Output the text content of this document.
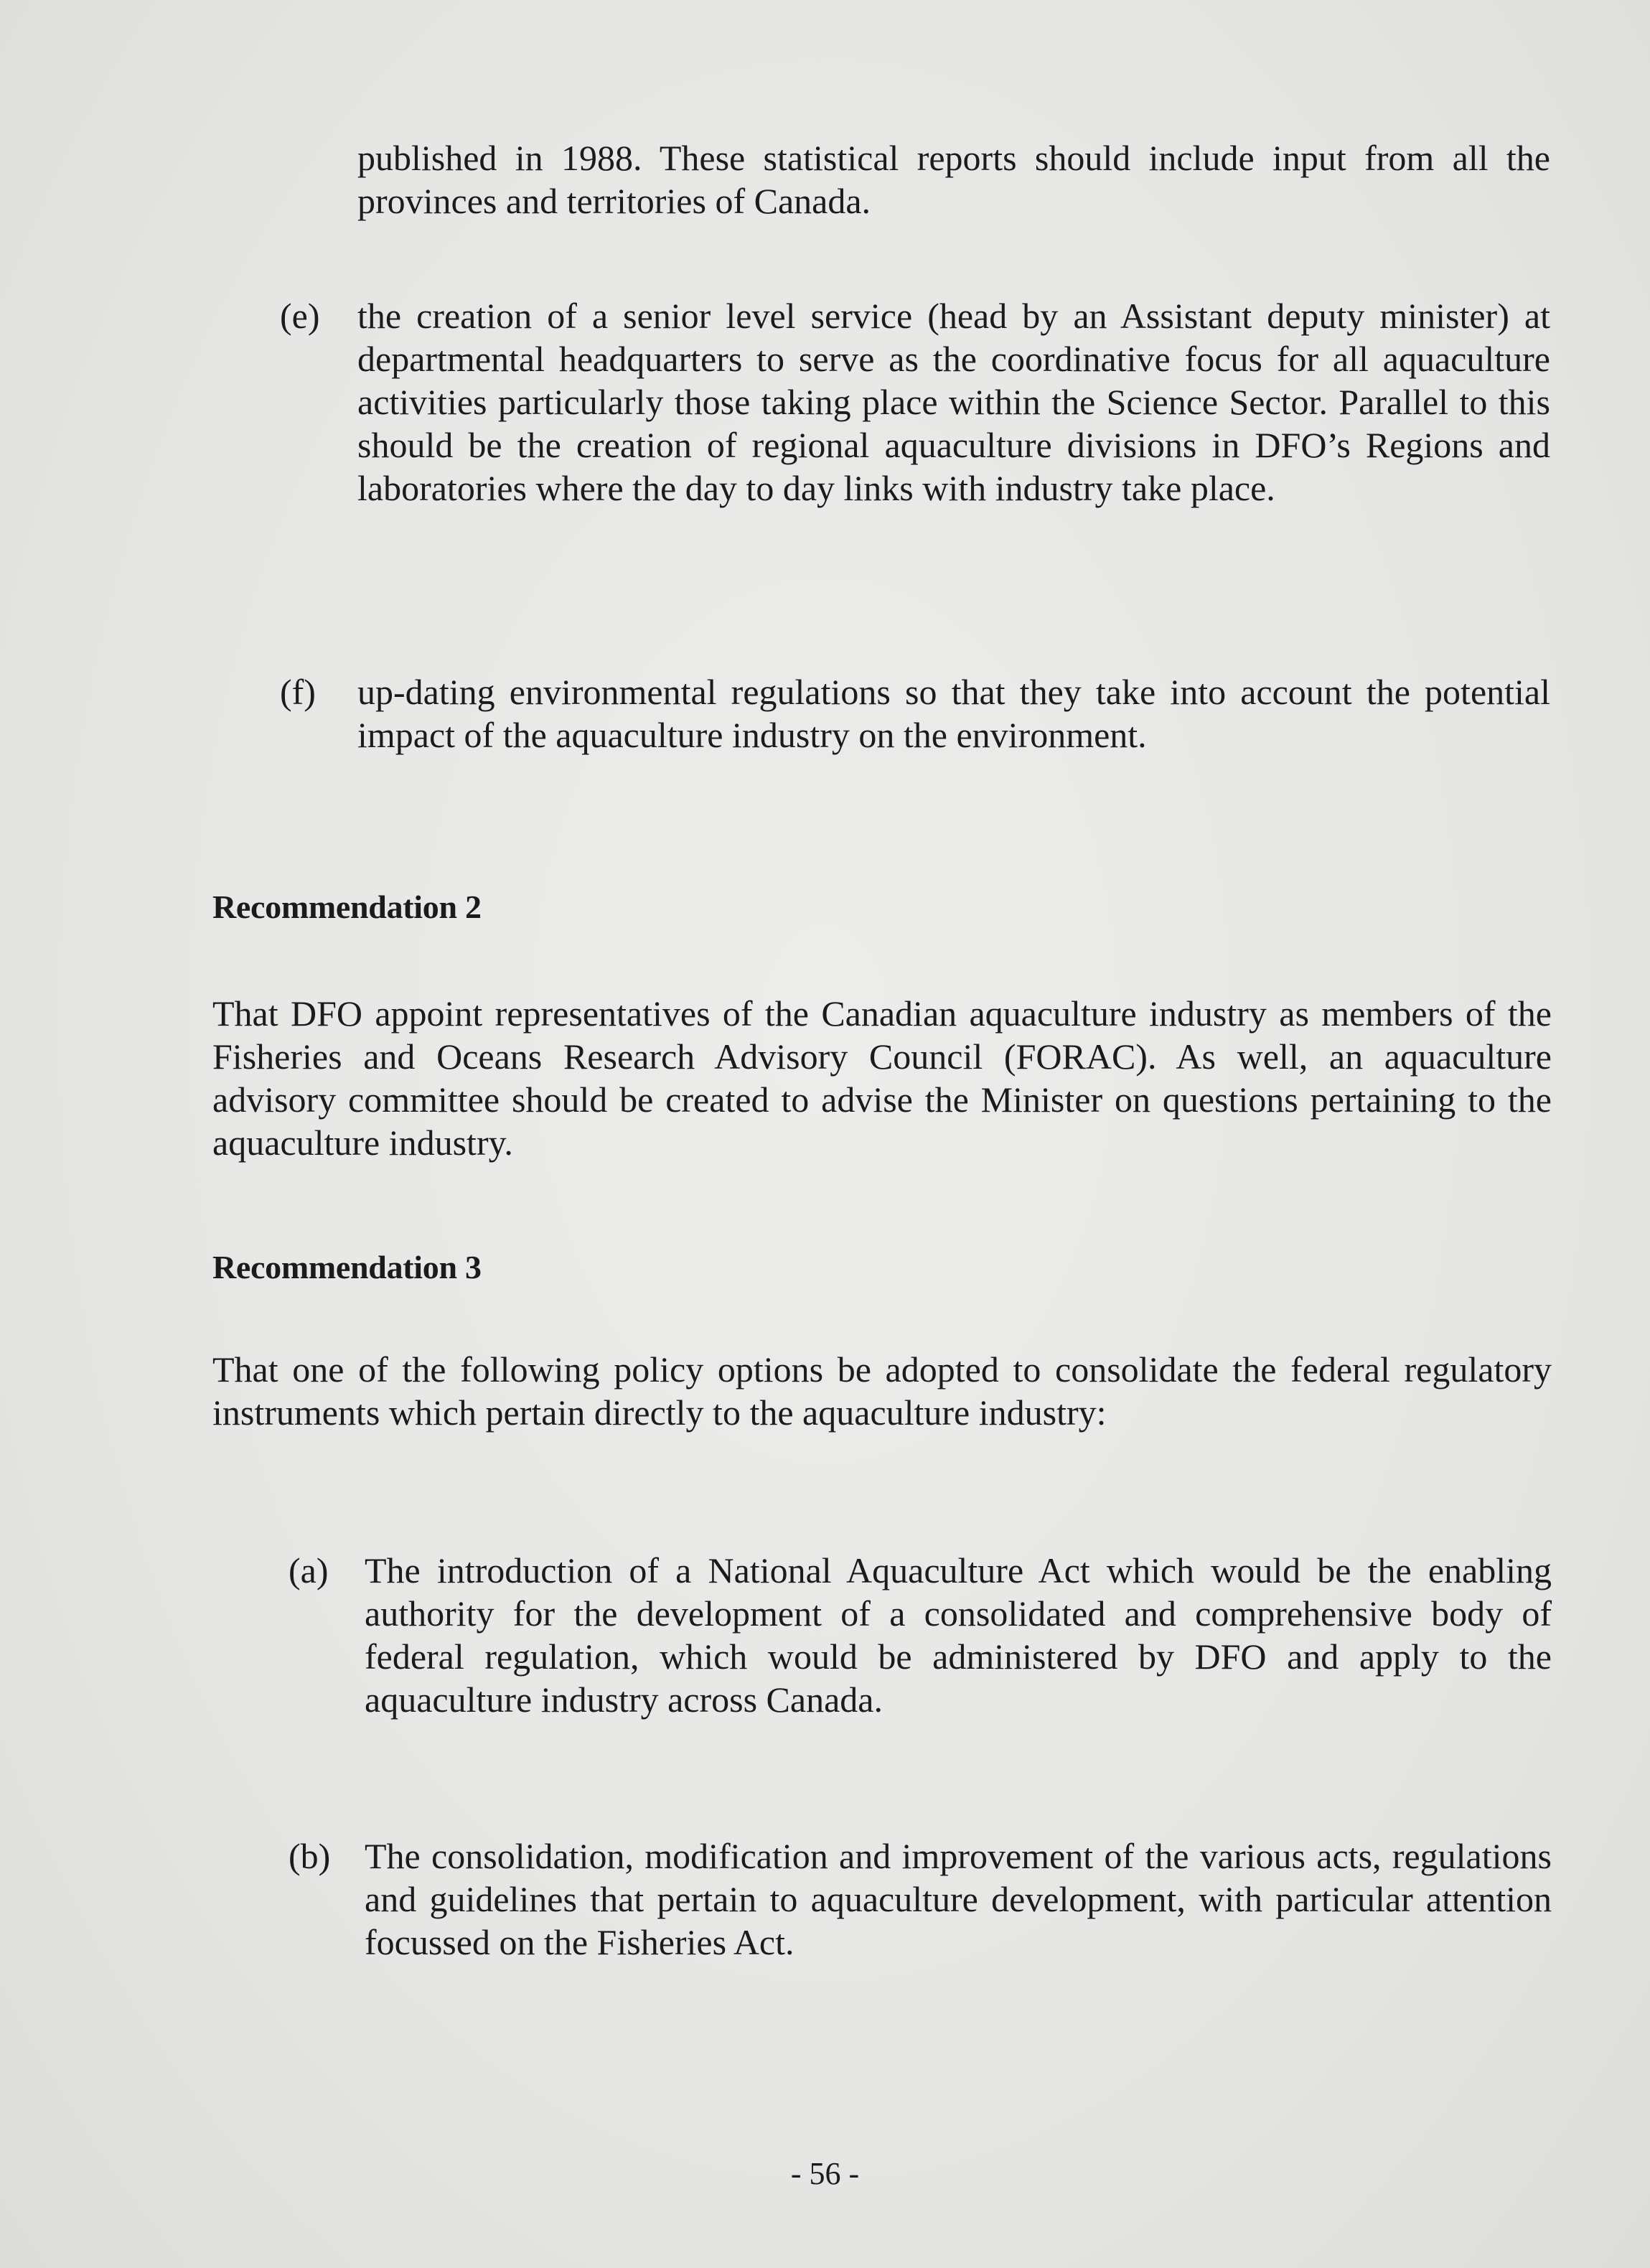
published in 1988. These statistical reports should include input from all the provinces and territories of Canada.

(e) the creation of a senior level service (head by an Assistant deputy minister) at departmental headquarters to serve as the coordinative focus for all aquaculture activities particularly those taking place within the Science Sector. Parallel to this should be the creation of regional aquaculture divisions in DFO’s Regions and laboratories where the day to day links with industry take place.

(f) up-dating environmental regulations so that they take into account the potential impact of the aquaculture industry on the environment.

Recommendation 2

That DFO appoint representatives of the Canadian aquaculture industry as members of the Fisheries and Oceans Research Advisory Council (FORAC). As well, an aquaculture advisory committee should be created to advise the Minister on questions pertaining to the aquaculture industry.

Recommendation 3

That one of the following policy options be adopted to consolidate the federal regulatory instruments which pertain directly to the aquaculture industry:

(a) The introduction of a National Aquaculture Act which would be the enabling authority for the development of a consolidated and comprehensive body of federal regulation, which would be administered by DFO and apply to the aquaculture industry across Canada.

(b) The consolidation, modification and improvement of the various acts, regulations and guidelines that pertain to aquaculture development, with particular attention focussed on the Fisheries Act.

- 56 -
